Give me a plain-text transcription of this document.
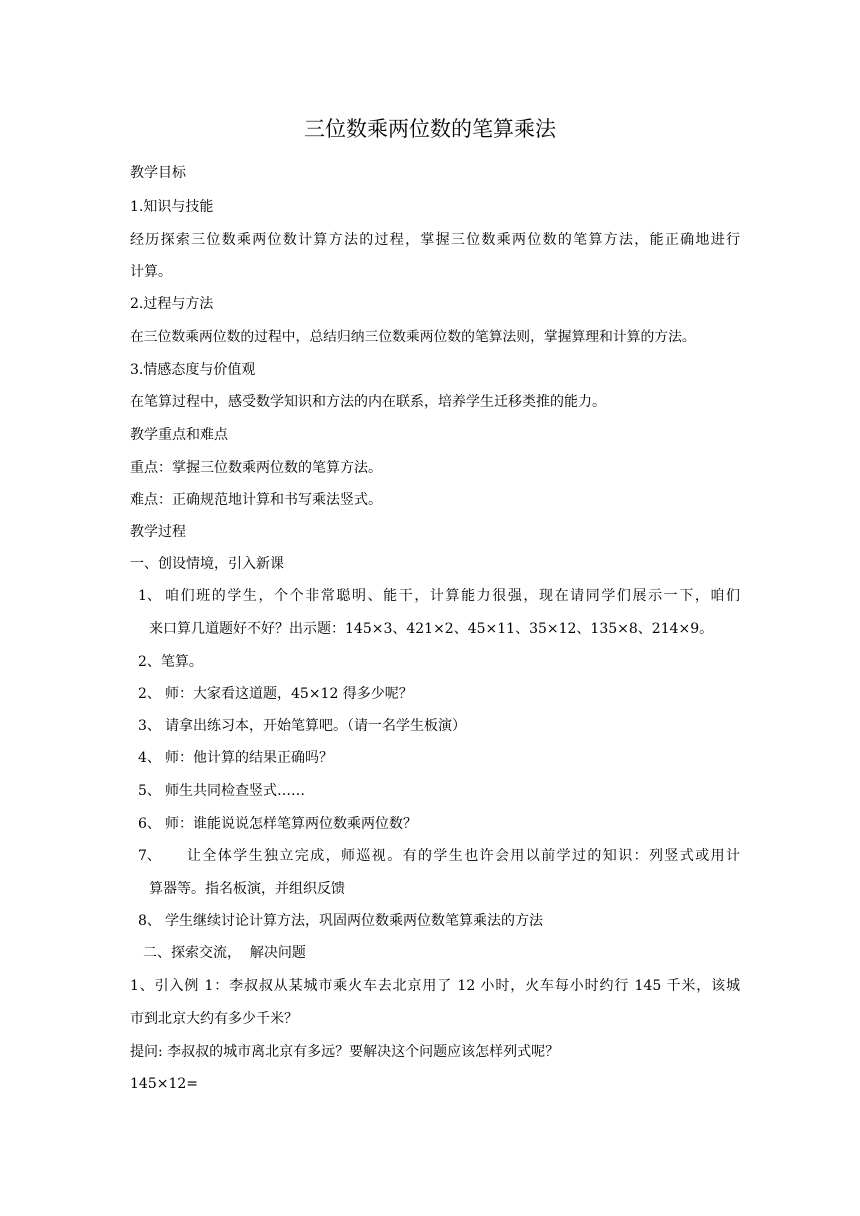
三位数乘两位数的笔算乘法
教学目标
1.知识与技能
经历探索三位数乘两位数计算方法的过程，掌握三位数乘两位数的笔算方法，能正确地进行
计算。
2.过程与方法
在三位数乘两位数的过程中，总结归纳三位数乘两位数的笔算法则，掌握算理和计算的方法。
3.情感态度与价值观
在笔算过程中，感受数学知识和方法的内在联系，培养学生迁移类推的能力。
教学重点和难点
重点：掌握三位数乘两位数的笔算方法。
难点：正确规范地计算和书写乘法竖式。
教学过程
一、创设情境，引入新课
1、 咱们班的学生，个个非常聪明、能干，计算能力很强，现在请同学们展示一下，咱们
来口算几道题好不好？出示题：145×3、421×2、45×11、35×12、135×8、214×9。
2、笔算。
2、 师：大家看这道题，45×12 得多少呢？
3、 请拿出练习本，开始笔算吧。（请一名学生板演）
4、 师：他计算的结果正确吗？
5、 师生共同检查竖式……
6、 师：谁能说说怎样笔算两位数乘两位数？
7、 让全体学生独立完成，师巡视。有的学生也许会用以前学过的知识：列竖式或用计
算器等。指名板演，并组织反馈
8、 学生继续讨论计算方法，巩固两位数乘两位数笔算乘法的方法
二、探索交流，  解决问题
1、引入例 1：李叔叔从某城市乘火车去北京用了 12 小时，火车每小时约行 145 千米，该城
市到北京大约有多少千米？
提问: 李叔叔的城市离北京有多远？要解决这个问题应该怎样列式呢？
145×12=
